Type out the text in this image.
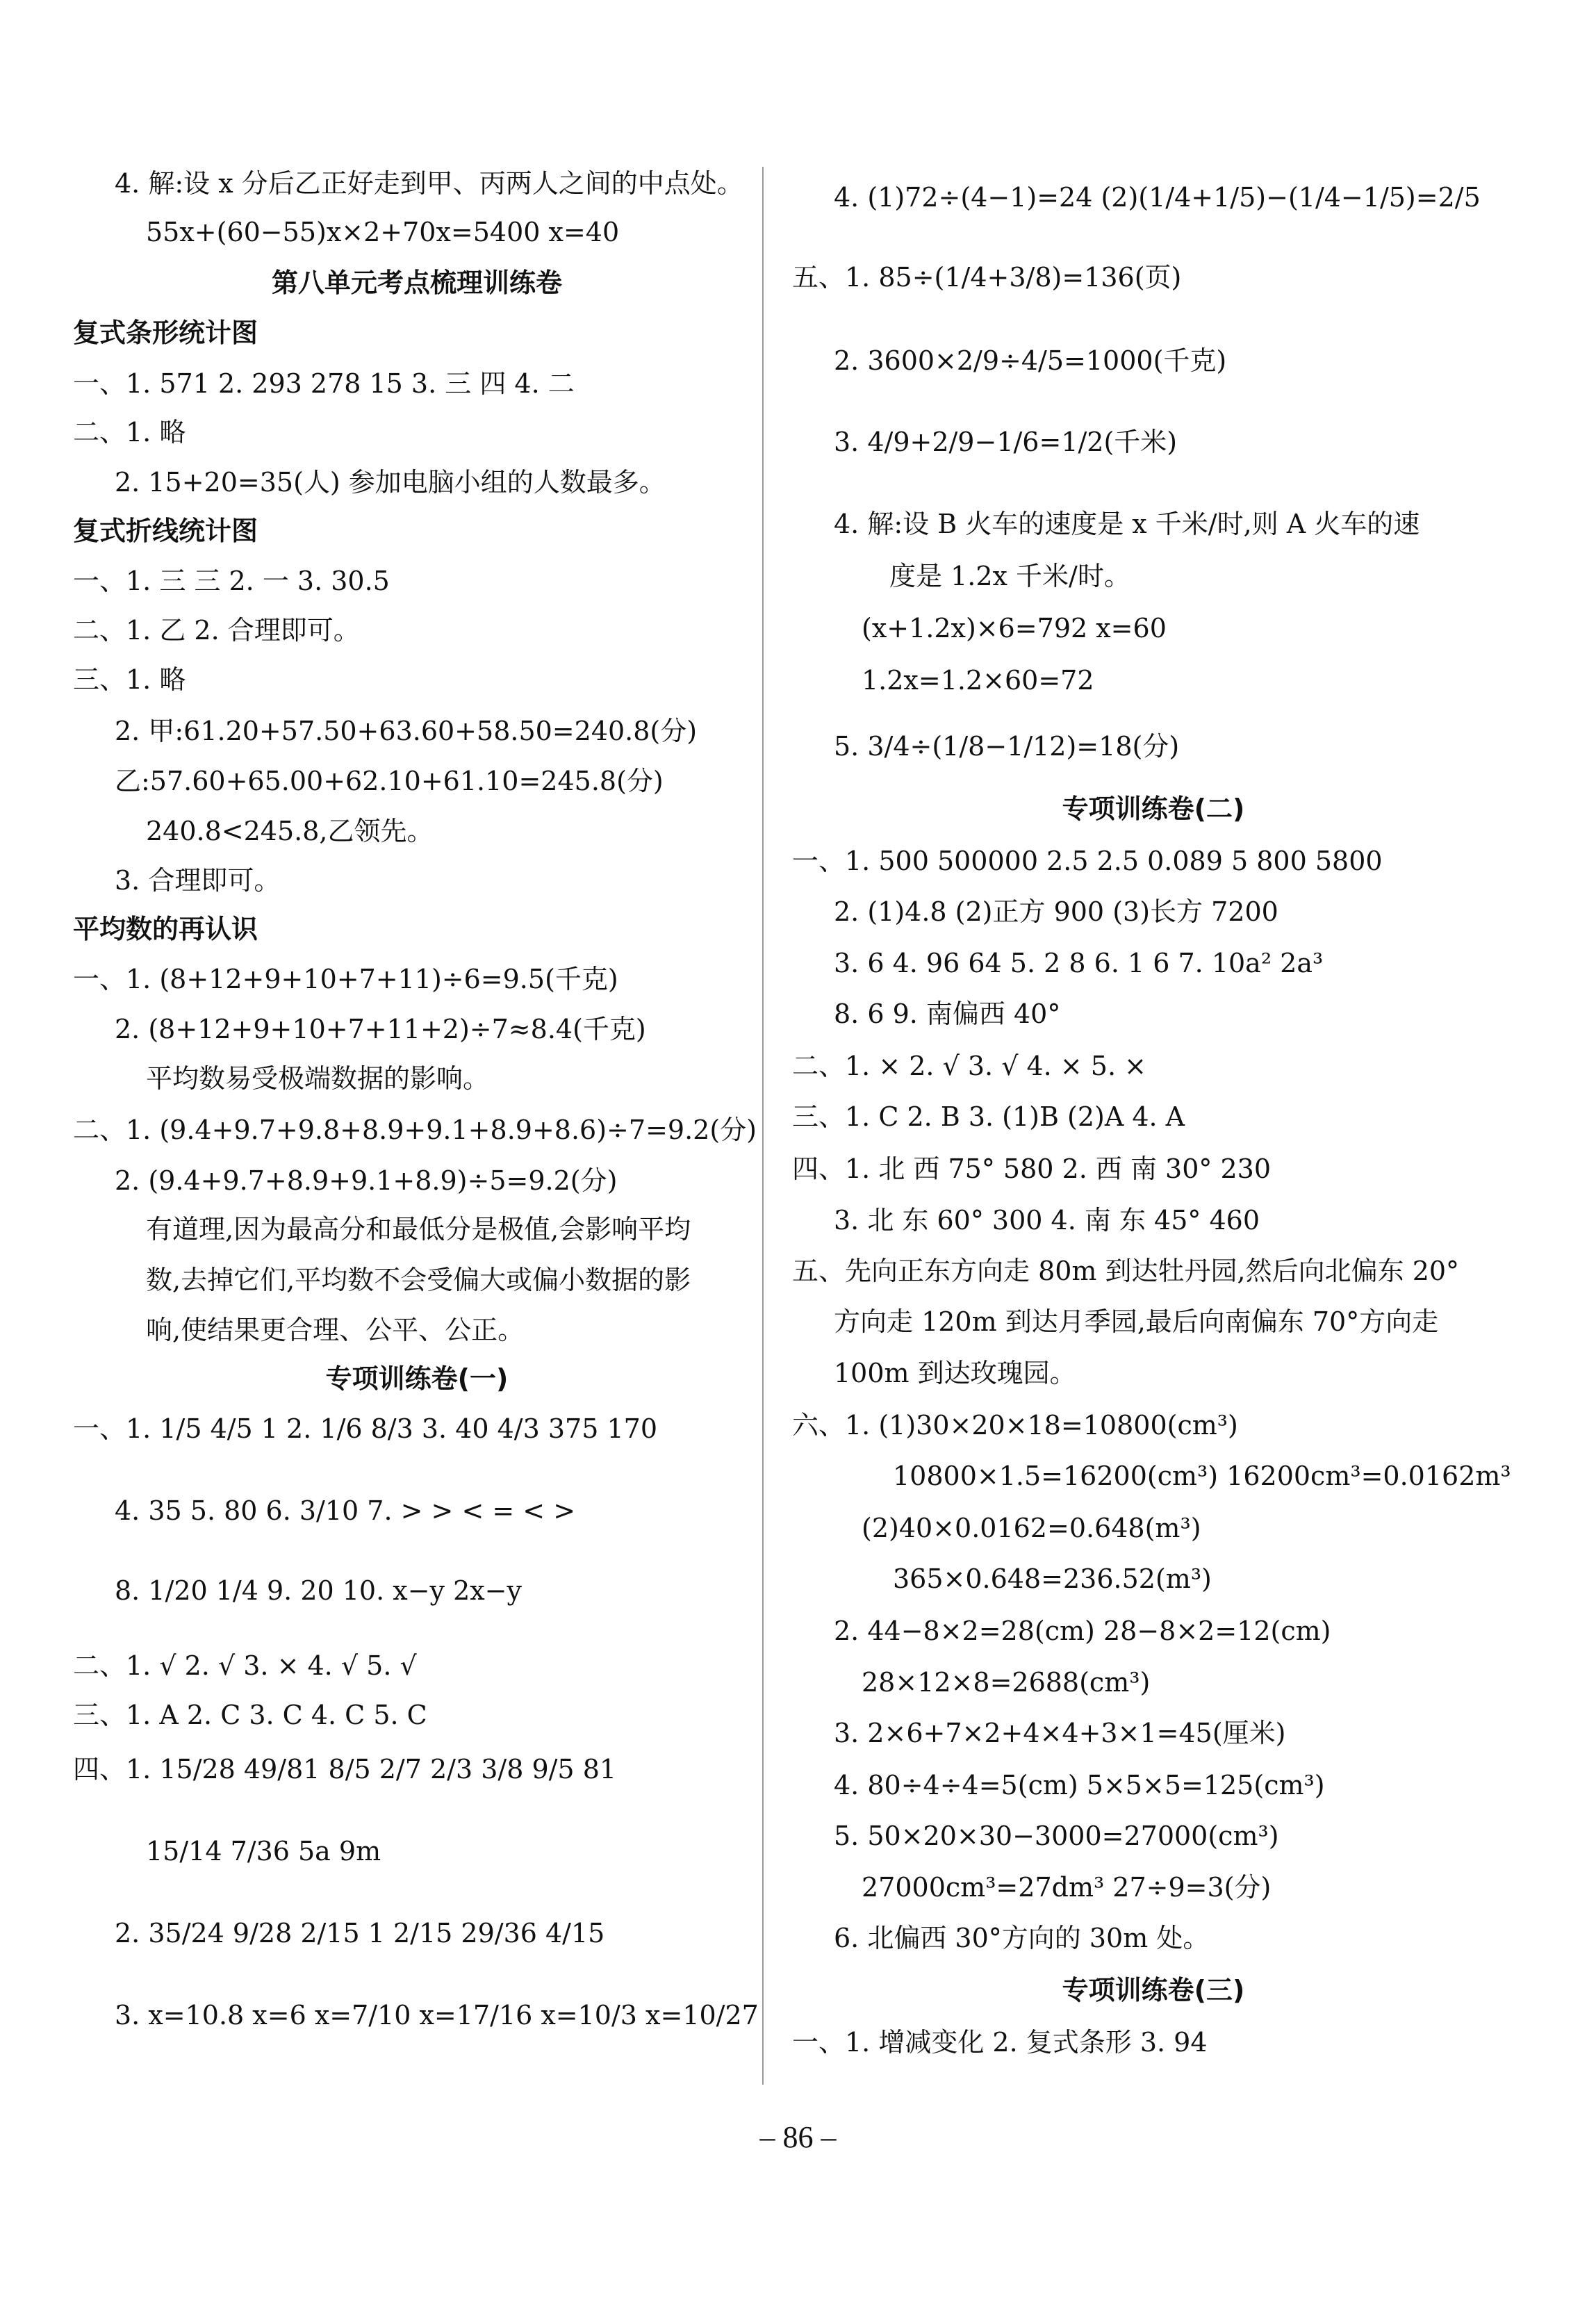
4. 解:设 x 分后乙正好走到甲、丙两人之间的中点处。
55x+(60−55)x×2+70x=5400 x=40
第八单元考点梳理训练卷
复式条形统计图
一、1. 571 2. 293 278 15 3. 三 四 4. 二
二、1. 略
2. 15+20=35(人) 参加电脑小组的人数最多。
复式折线统计图
一、1. 三 三 2. 一 3. 30.5
二、1. 乙 2. 合理即可。
三、1. 略
2. 甲:61.20+57.50+63.60+58.50=240.8(分)
乙:57.60+65.00+62.10+61.10=245.8(分)
240.8<245.8,乙领先。
3. 合理即可。
平均数的再认识
一、1. (8+12+9+10+7+11)÷6=9.5(千克)
2. (8+12+9+10+7+11+2)÷7≈8.4(千克)
平均数易受极端数据的影响。
二、1. (9.4+9.7+9.8+8.9+9.1+8.9+8.6)÷7=9.2(分)
2. (9.4+9.7+8.9+9.1+8.9)÷5=9.2(分)
有道理,因为最高分和最低分是极值,会影响平均
数,去掉它们,平均数不会受偏大或偏小数据的影
响,使结果更合理、公平、公正。
专项训练卷(一)
一、1. 1/5 4/5 1 2. 1/6 8/3 3. 40 4/3 375 170
4. 35 5. 80 6. 3/10 7. > > < = < >
8. 1/20 1/4 9. 20 10. x−y 2x−y
二、1. √ 2. √ 3. × 4. √ 5. √
三、1. A 2. C 3. C 4. C 5. C
四、1. 15/28 49/81 8/5 2/7 2/3 3/8 9/5 81
15/14 7/36 5a 9m
2. 35/24 9/28 2/15 1 2/15 29/36 4/15
3. x=10.8 x=6 x=7/10 x=17/16 x=10/3 x=10/27
4. (1)72÷(4−1)=24 (2)(1/4+1/5)−(1/4−1/5)=2/5
五、1. 85÷(1/4+3/8)=136(页)
2. 3600×2/9÷4/5=1000(千克)
3. 4/9+2/9−1/6=1/2(千米)
4. 解:设 B 火车的速度是 x 千米/时,则 A 火车的速
度是 1.2x 千米/时。
(x+1.2x)×6=792 x=60
1.2x=1.2×60=72
5. 3/4÷(1/8−1/12)=18(分)
专项训练卷(二)
一、1. 500 500000 2.5 2.5 0.089 5 800 5800
2. (1)4.8 (2)正方 900 (3)长方 7200
3. 6 4. 96 64 5. 2 8 6. 1 6 7. 10a² 2a³
8. 6 9. 南偏西 40°
二、1. × 2. √ 3. √ 4. × 5. ×
三、1. C 2. B 3. (1)B (2)A 4. A
四、1. 北 西 75° 580 2. 西 南 30° 230
3. 北 东 60° 300 4. 南 东 45° 460
五、先向正东方向走 80m 到达牡丹园,然后向北偏东 20°
方向走 120m 到达月季园,最后向南偏东 70°方向走
100m 到达玫瑰园。
六、1. (1)30×20×18=10800(cm³)
10800×1.5=16200(cm³) 16200cm³=0.0162m³
(2)40×0.0162=0.648(m³)
365×0.648=236.52(m³)
2. 44−8×2=28(cm) 28−8×2=12(cm)
28×12×8=2688(cm³)
3. 2×6+7×2+4×4+3×1=45(厘米)
4. 80÷4÷4=5(cm) 5×5×5=125(cm³)
5. 50×20×30−3000=27000(cm³)
27000cm³=27dm³ 27÷9=3(分)
6. 北偏西 30°方向的 30m 处。
专项训练卷(三)
一、1. 增减变化 2. 复式条形 3. 94
– 86 –
